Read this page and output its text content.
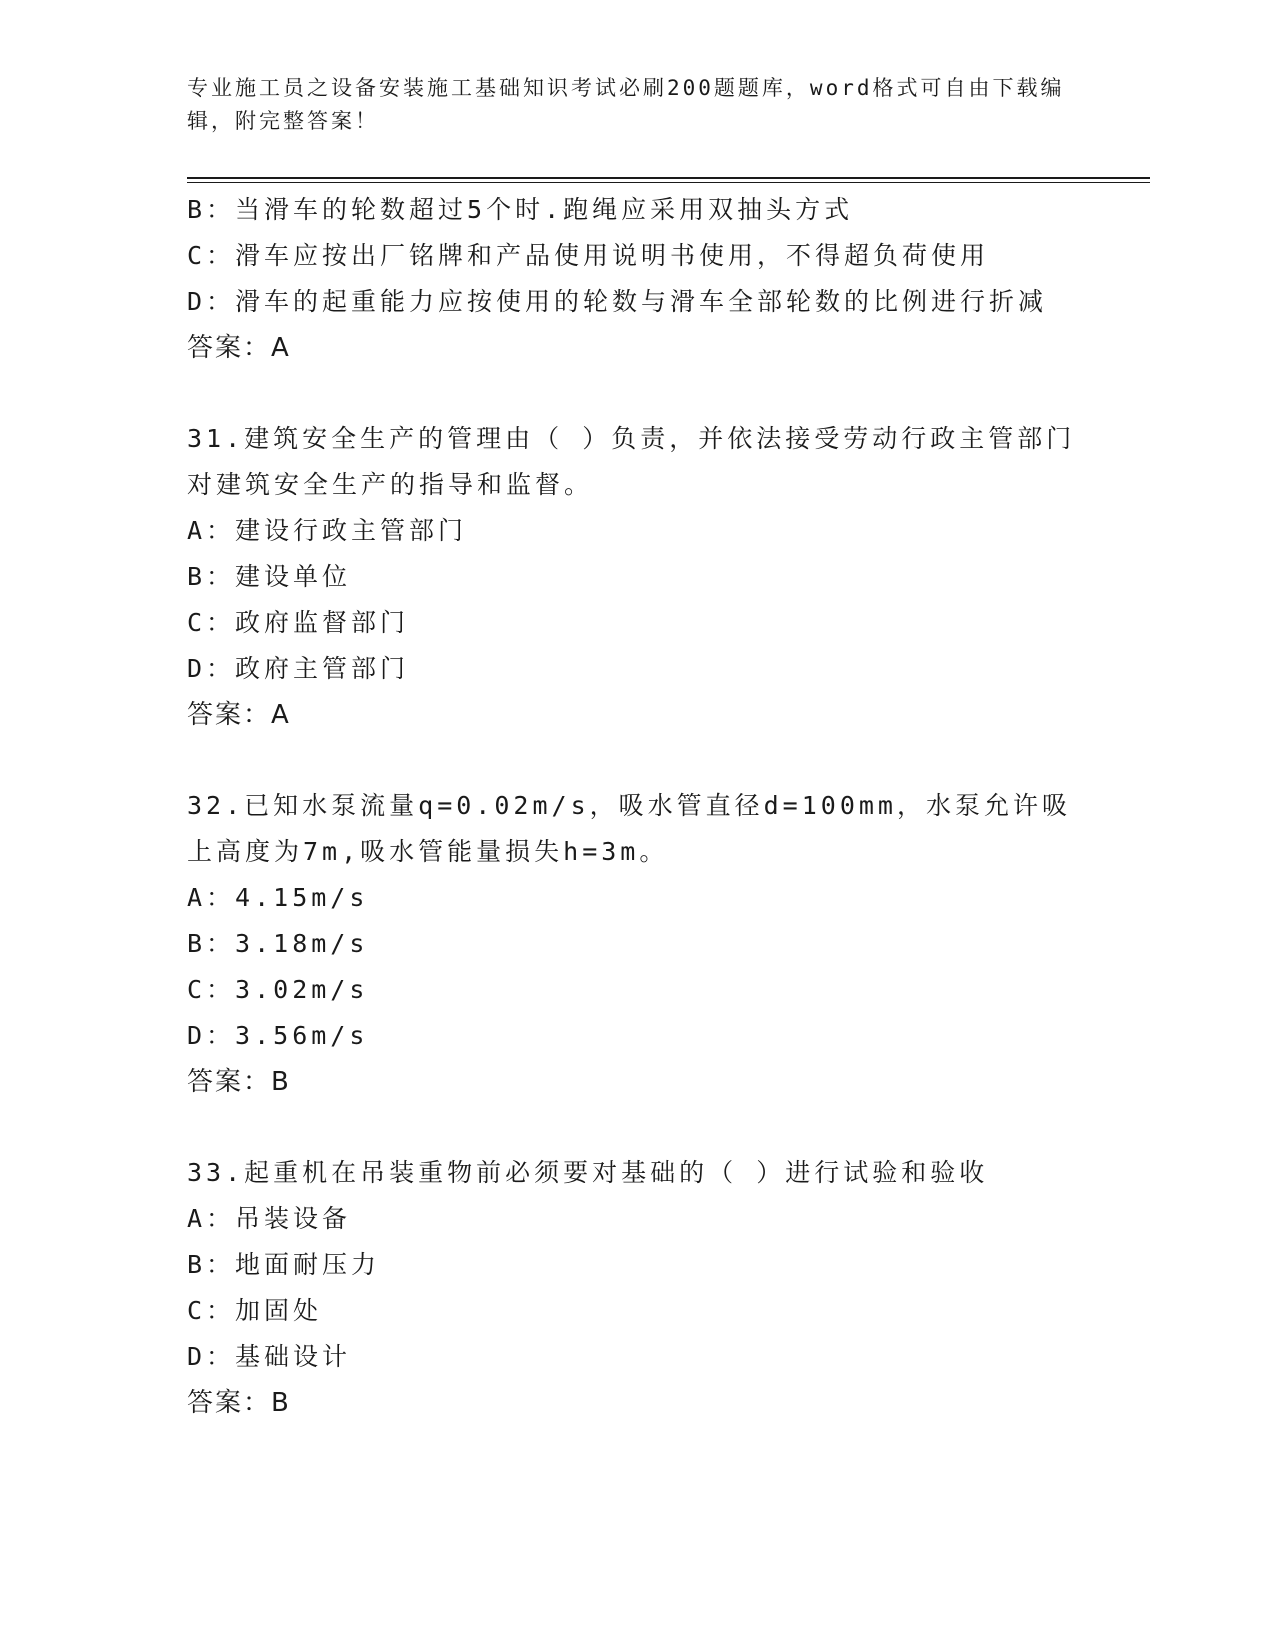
专业施工员之设备安装施工基础知识考试必刷200题题库，word格式可自由下载编辑，附完整答案！
B：当滑车的轮数超过5个时.跑绳应采用双抽头方式
C：滑车应按出厂铭牌和产品使用说明书使用，不得超负荷使用
D：滑车的起重能力应按使用的轮数与滑车全部轮数的比例进行折减
答案：A
31.建筑安全生产的管理由（ ）负责，并依法接受劳动行政主管部门对建筑安全生产的指导和监督。
A：建设行政主管部门
B：建设单位
C：政府监督部门
D：政府主管部门
答案：A
32.已知水泵流量q=0.02m/s，吸水管直径d=100mm，水泵允许吸上高度为7m,吸水管能量损失h=3m。
A：4.15m/s
B：3.18m/s
C：3.02m/s
D：3.56m/s
答案：B
33.起重机在吊装重物前必须要对基础的（ ）进行试验和验收
A：吊装设备
B：地面耐压力
C：加固处
D：基础设计
答案：B
